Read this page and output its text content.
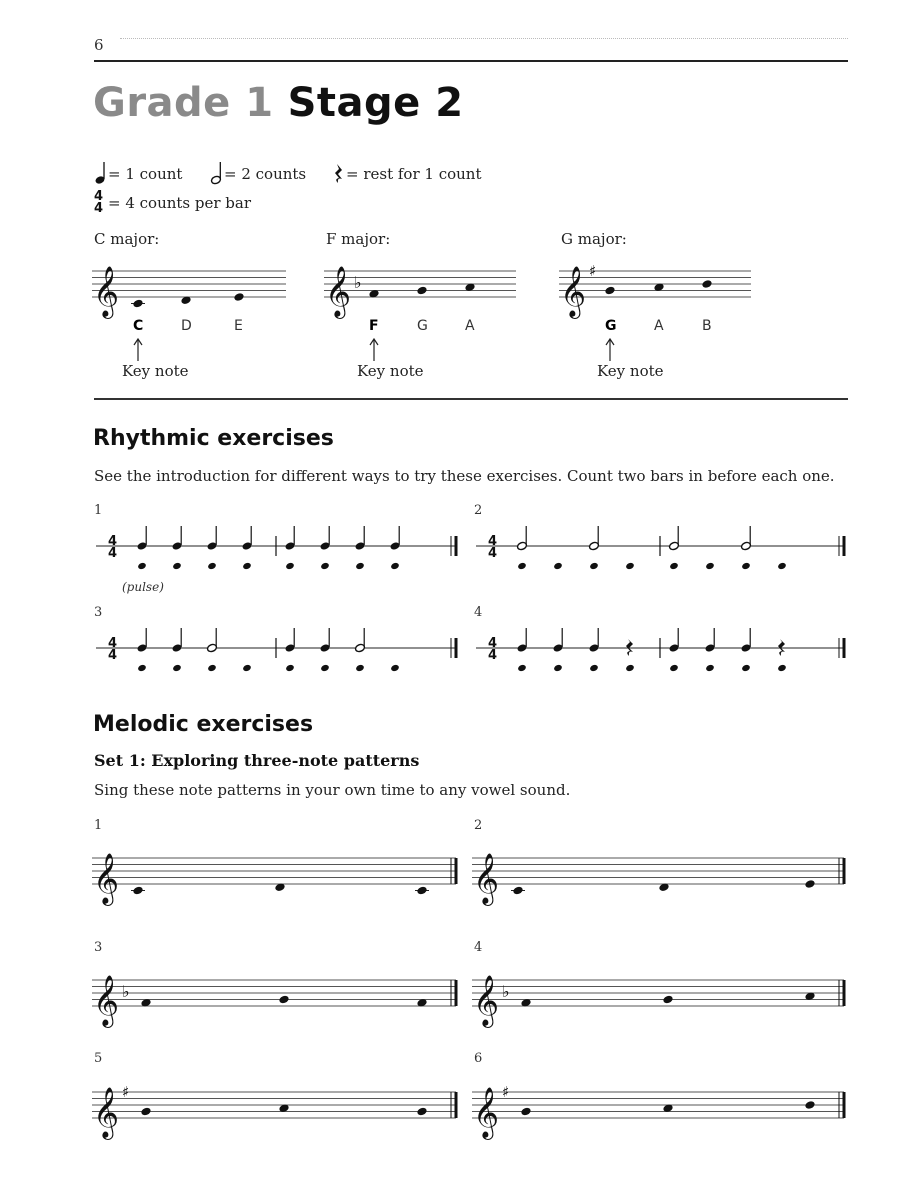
6
Grade 1 Stage 2
= 1 count	= 2 counts	= rest for 1 count
4
4 = 4 counts per bar
C major:	F major:	G major:
𝄞	𝄞 ♭	𝄞 ♯
C	D	E	F	G	A	G	A	B
Key note	Key note	Key note
Rhythmic exercises
See the introduction for different ways to try these exercises. Count two bars in before each one.
1	2
3	4
4
4
4
4
4
4
4
4
(pulse)
Melodic exercises
Set 1: Exploring three-note patterns
Sing these note patterns in your own time to any vowel sound.
1	2
3	4
5	6
𝄞	𝄞
𝄞 ♭	𝄞 ♭
𝄞 ♯	𝄞 ♯
